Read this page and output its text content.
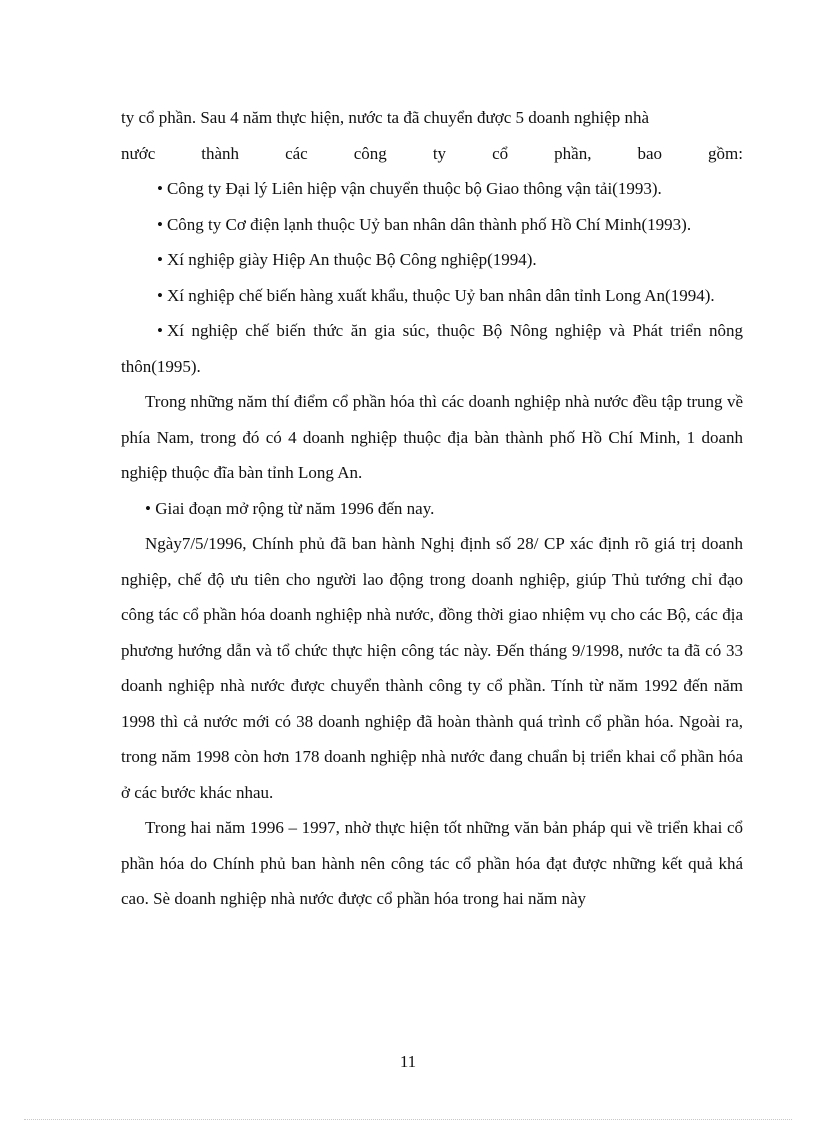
ty cổ phần. Sau 4 năm thực hiện, nước ta đã chuyển được 5 doanh nghiệp nhà

nước thành các công ty cổ phần, bao gồm:

• Công ty Đại lý Liên hiệp vận chuyển thuộc bộ Giao thông vận tải(1993).

• Công ty Cơ điện lạnh thuộc Uỷ ban nhân dân thành phố Hồ Chí Minh(1993).

• Xí nghiệp giày Hiệp An thuộc Bộ Công nghiệp(1994).

• Xí nghiệp chế biến hàng xuất khẩu, thuộc Uỷ ban nhân dân tỉnh Long An(1994).

• Xí nghiệp chế biến thức ăn gia súc, thuộc Bộ Nông nghiệp và Phát triển nông thôn(1995).

Trong những năm thí điểm cổ phần hóa thì các doanh nghiệp nhà nước đều tập trung về phía Nam, trong đó có 4 doanh nghiệp thuộc địa bàn thành phố Hồ Chí Minh, 1 doanh nghiệp thuộc đĩa bàn tỉnh Long An.

• Giai đoạn mở rộng từ năm 1996 đến nay.

Ngày7/5/1996, Chính phủ đã ban hành Nghị định số 28/ CP xác định rõ giá trị doanh nghiệp, chế độ ưu tiên cho người lao động trong doanh nghiệp, giúp Thủ tướng chỉ đạo công tác cổ phần hóa doanh nghiệp nhà nước, đồng thời giao nhiệm vụ cho các Bộ, các địa phương hướng dẫn và tổ chức thực hiện công tác này. Đến tháng 9/1998, nước ta đã có 33 doanh nghiệp nhà nước được chuyển thành công ty cổ phần. Tính từ năm 1992 đến năm 1998 thì cả nước mới có 38 doanh nghiệp đã hoàn thành quá trình cổ phần hóa. Ngoài ra, trong năm 1998 còn hơn 178 doanh nghiệp nhà nước đang chuẩn bị triển khai cổ phần hóa ở các bước khác nhau.

Trong hai năm 1996 – 1997, nhờ thực hiện tốt những văn bản pháp qui về triển khai cổ phần hóa do Chính phủ ban hành nên công tác cổ phần hóa đạt được những kết quả khá cao. Sè doanh nghiệp nhà nước được cổ phần hóa trong hai năm này

11
